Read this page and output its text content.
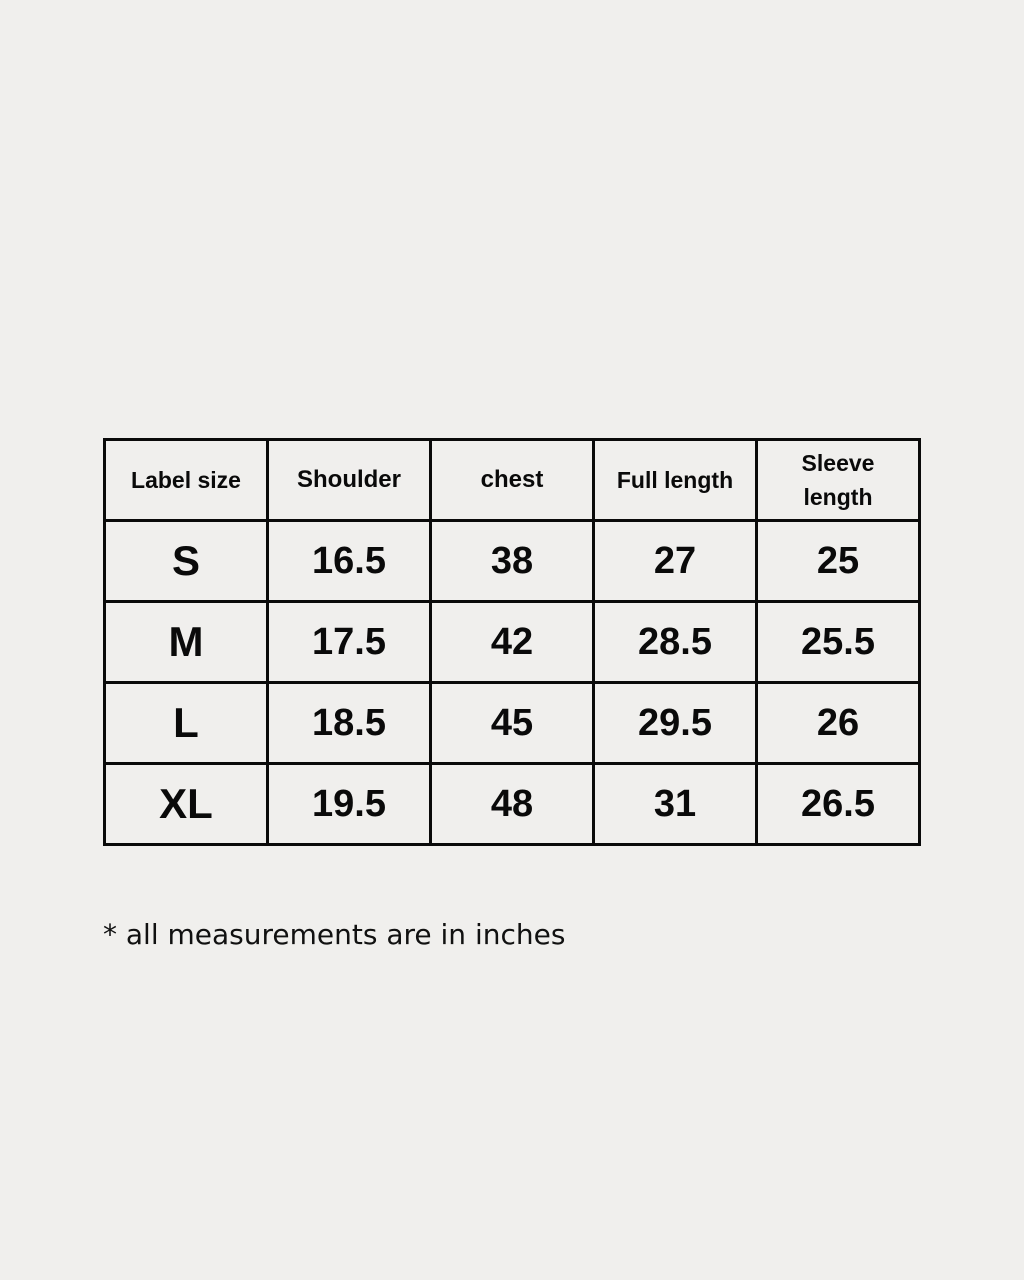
Label size	Shoulder	chest	Full length	Sleeve
length
S	16.5	38	27	25
M	17.5	42	28.5	25.5
L	18.5	45	29.5	26
XL	19.5	48	31	26.5
* all measurements are in inches
